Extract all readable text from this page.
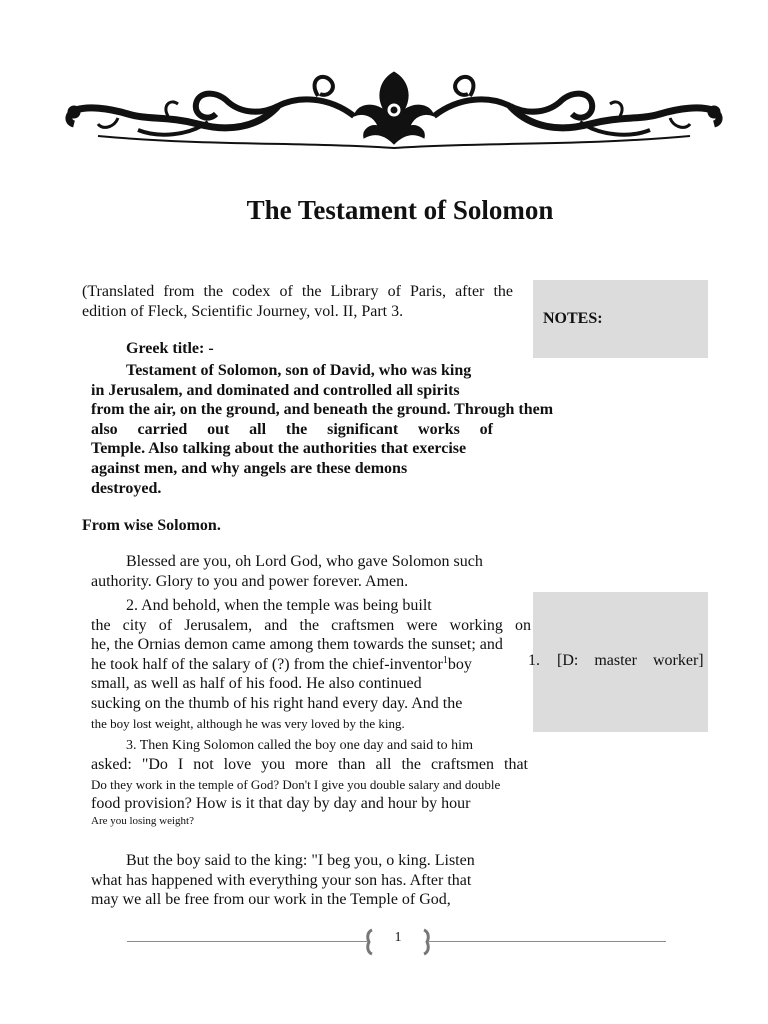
The Testament of Solomon
NOTES:
(Translated from the codex of the Library of Paris, after the
edition of Fleck, Scientific Journey, vol. II, Part 3.
Greek title: -
Testament of Solomon, son of David, who was king
in Jerusalem, and dominated and controlled all spirits
from the air, on the ground, and beneath the ground. Through them
also carried out all the significant works of
Temple. Also talking about the authorities that exercise
against men, and why angels are these demons
destroyed.
From wise Solomon.
Blessed are you, oh Lord God, who gave Solomon such
authority. Glory to you and power forever. Amen.
1. [D: master worker]
2. And behold, when the temple was being built
the city of Jerusalem, and the craftsmen were working on
he, the Ornias demon came among them towards the sunset; and
he took half of the salary of (?) from the chief-inventor$^1$boy
small, as well as half of his food. He also continued
sucking on the thumb of his right hand every day. And the
the boy lost weight, although he was very loved by the king.
3. Then King Solomon called the boy one day and said to him
asked: "Do I not love you more than all the craftsmen that
Do they work in the temple of God? Don't I give you double salary and double
food provision? How is it that day by day and hour by hour
Are you losing weight?
But the boy said to the king: "I beg you, o king. Listen
what has happened with everything your son has. After that
may we all be free from our work in the Temple of God,
1
